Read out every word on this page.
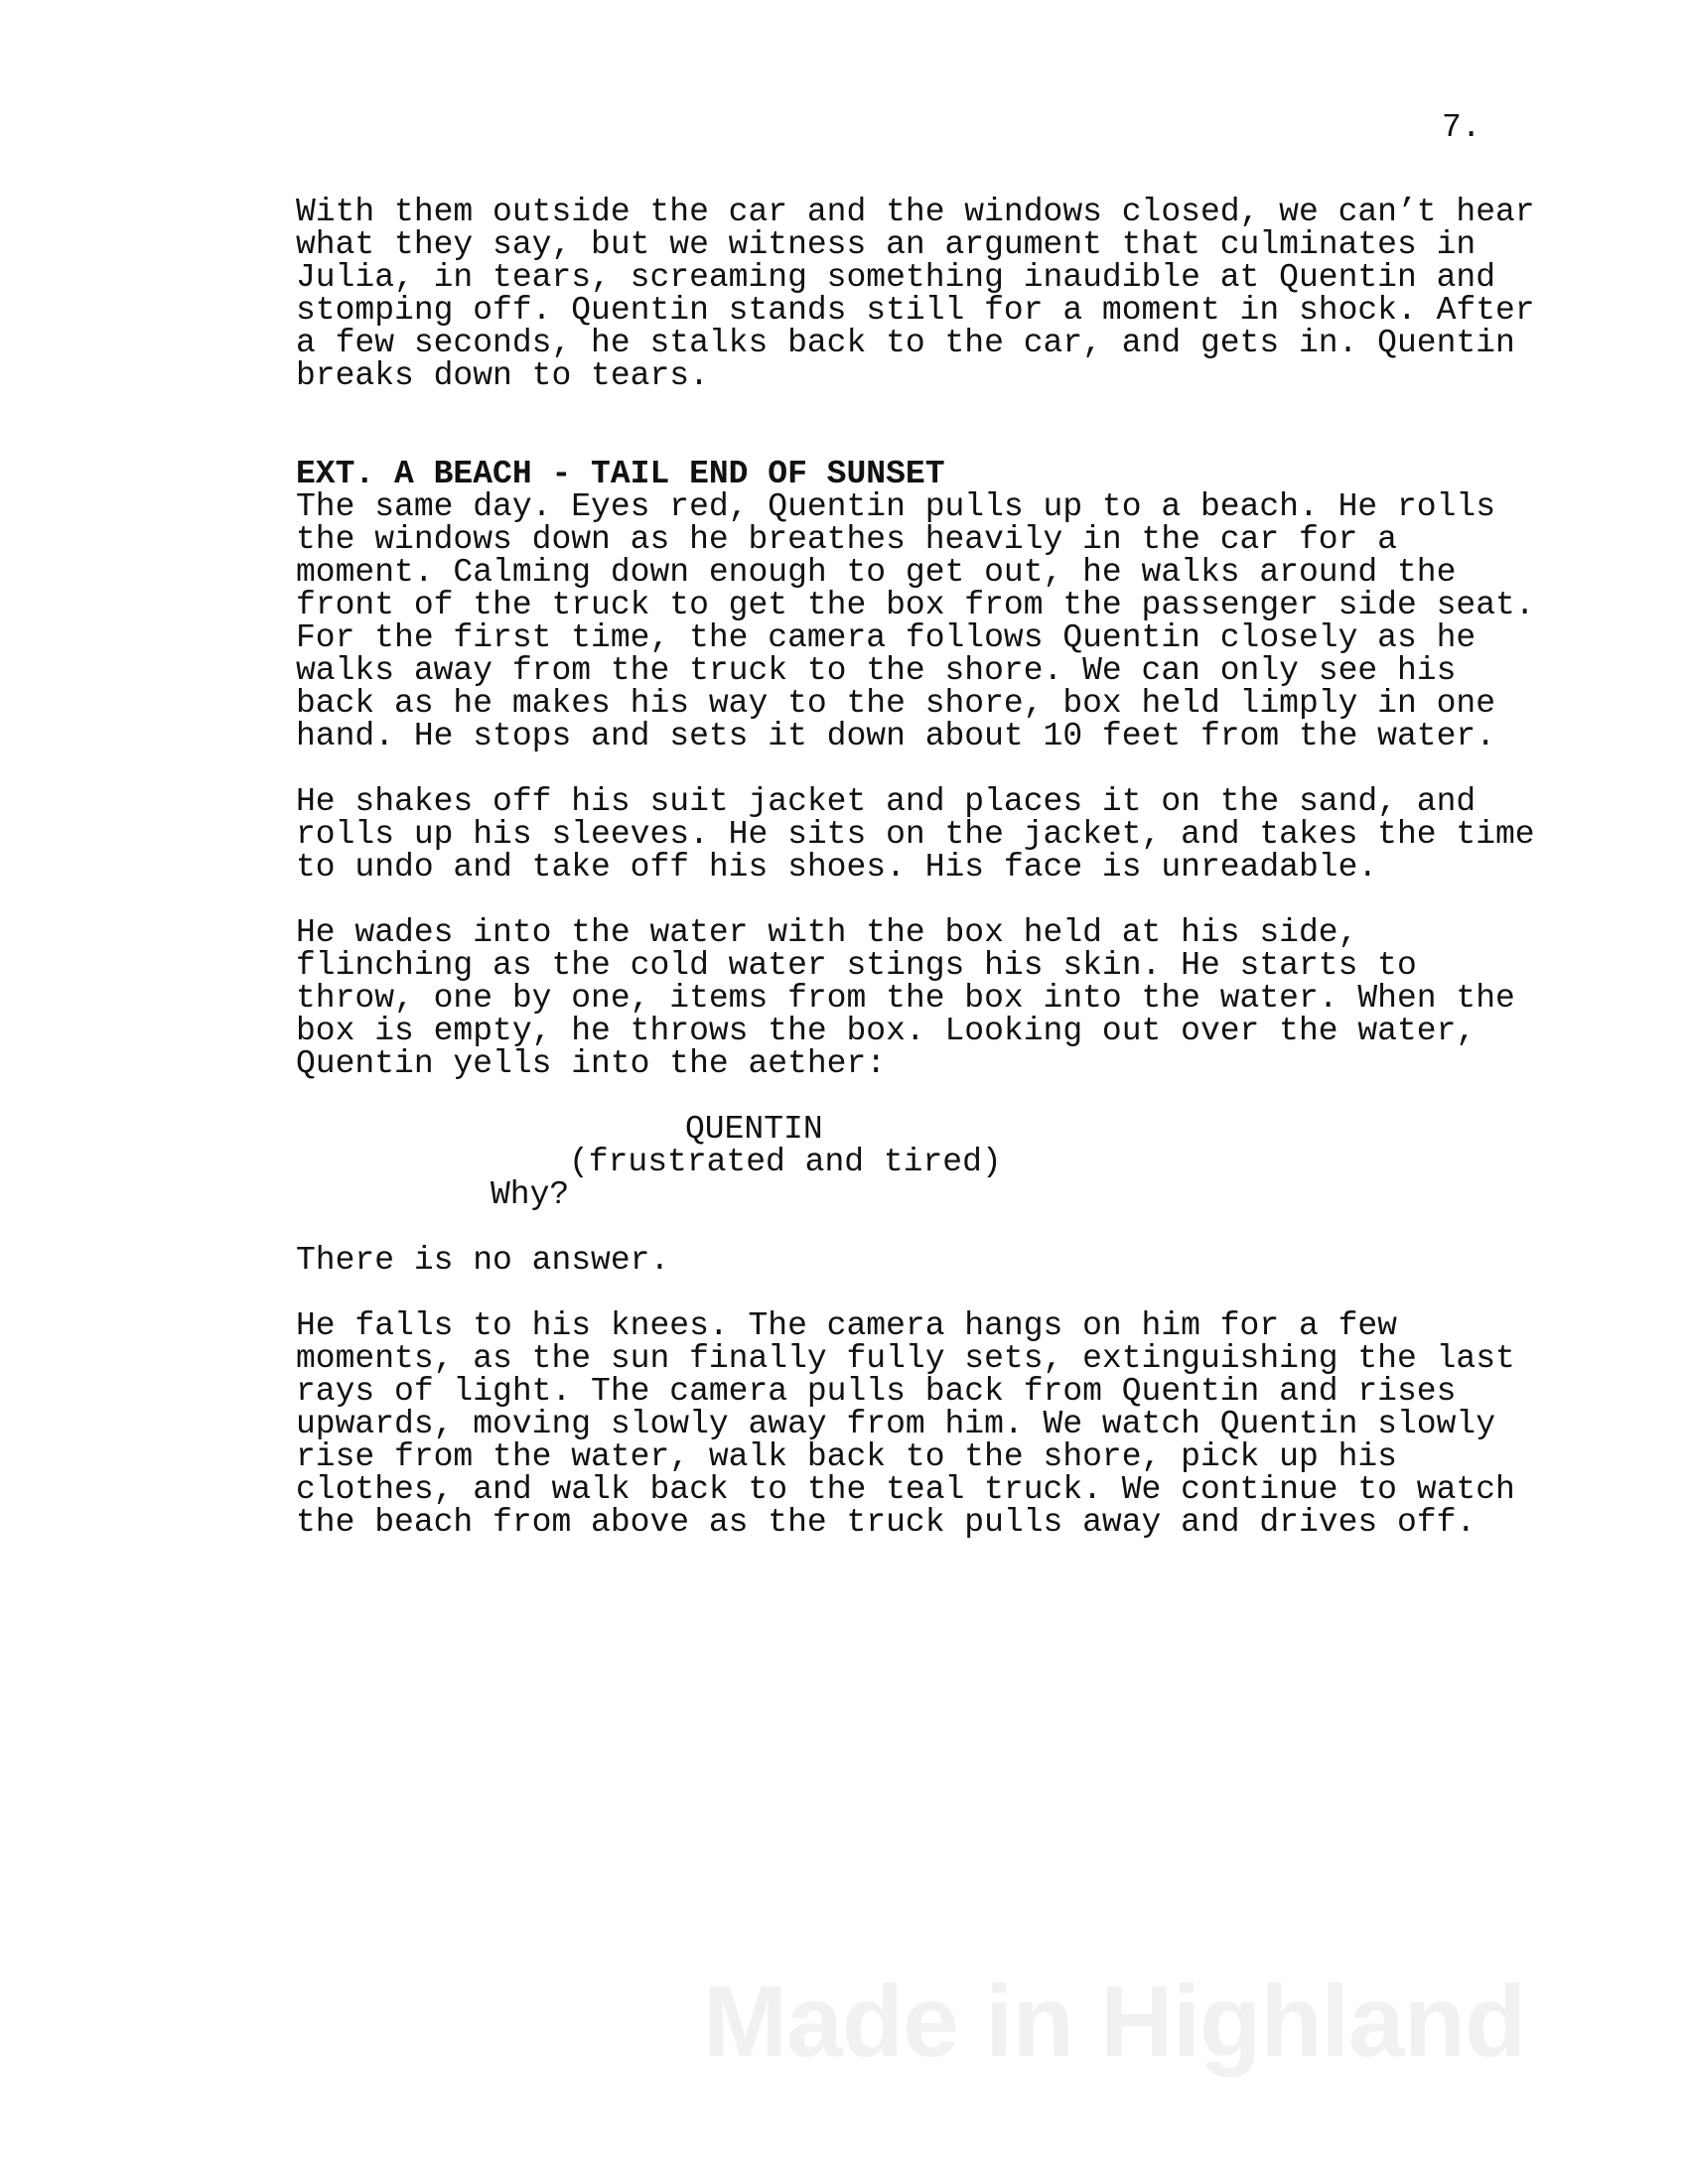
7.
With them outside the car and the windows closed, we can’t hear
what they say, but we witness an argument that culminates in
Julia, in tears, screaming something inaudible at Quentin and
stomping off. Quentin stands still for a moment in shock. After
a few seconds, he stalks back to the car, and gets in. Quentin
breaks down to tears.
EXT. A BEACH - TAIL END OF SUNSET
The same day. Eyes red, Quentin pulls up to a beach. He rolls
the windows down as he breathes heavily in the car for a
moment. Calming down enough to get out, he walks around the
front of the truck to get the box from the passenger side seat.
For the first time, the camera follows Quentin closely as he
walks away from the truck to the shore. We can only see his
back as he makes his way to the shore, box held limply in one
hand. He stops and sets it down about 10 feet from the water.
He shakes off his suit jacket and places it on the sand, and
rolls up his sleeves. He sits on the jacket, and takes the time
to undo and take off his shoes. His face is unreadable.
He wades into the water with the box held at his side,
flinching as the cold water stings his skin. He starts to
throw, one by one, items from the box into the water. When the
box is empty, he throws the box. Looking out over the water,
Quentin yells into the aether:
QUENTIN
(frustrated and tired)
Why?
There is no answer.
He falls to his knees. The camera hangs on him for a few
moments, as the sun finally fully sets, extinguishing the last
rays of light. The camera pulls back from Quentin and rises
upwards, moving slowly away from him. We watch Quentin slowly
rise from the water, walk back to the shore, pick up his
clothes, and walk back to the teal truck. We continue to watch
the beach from above as the truck pulls away and drives off.
Made in Highland
